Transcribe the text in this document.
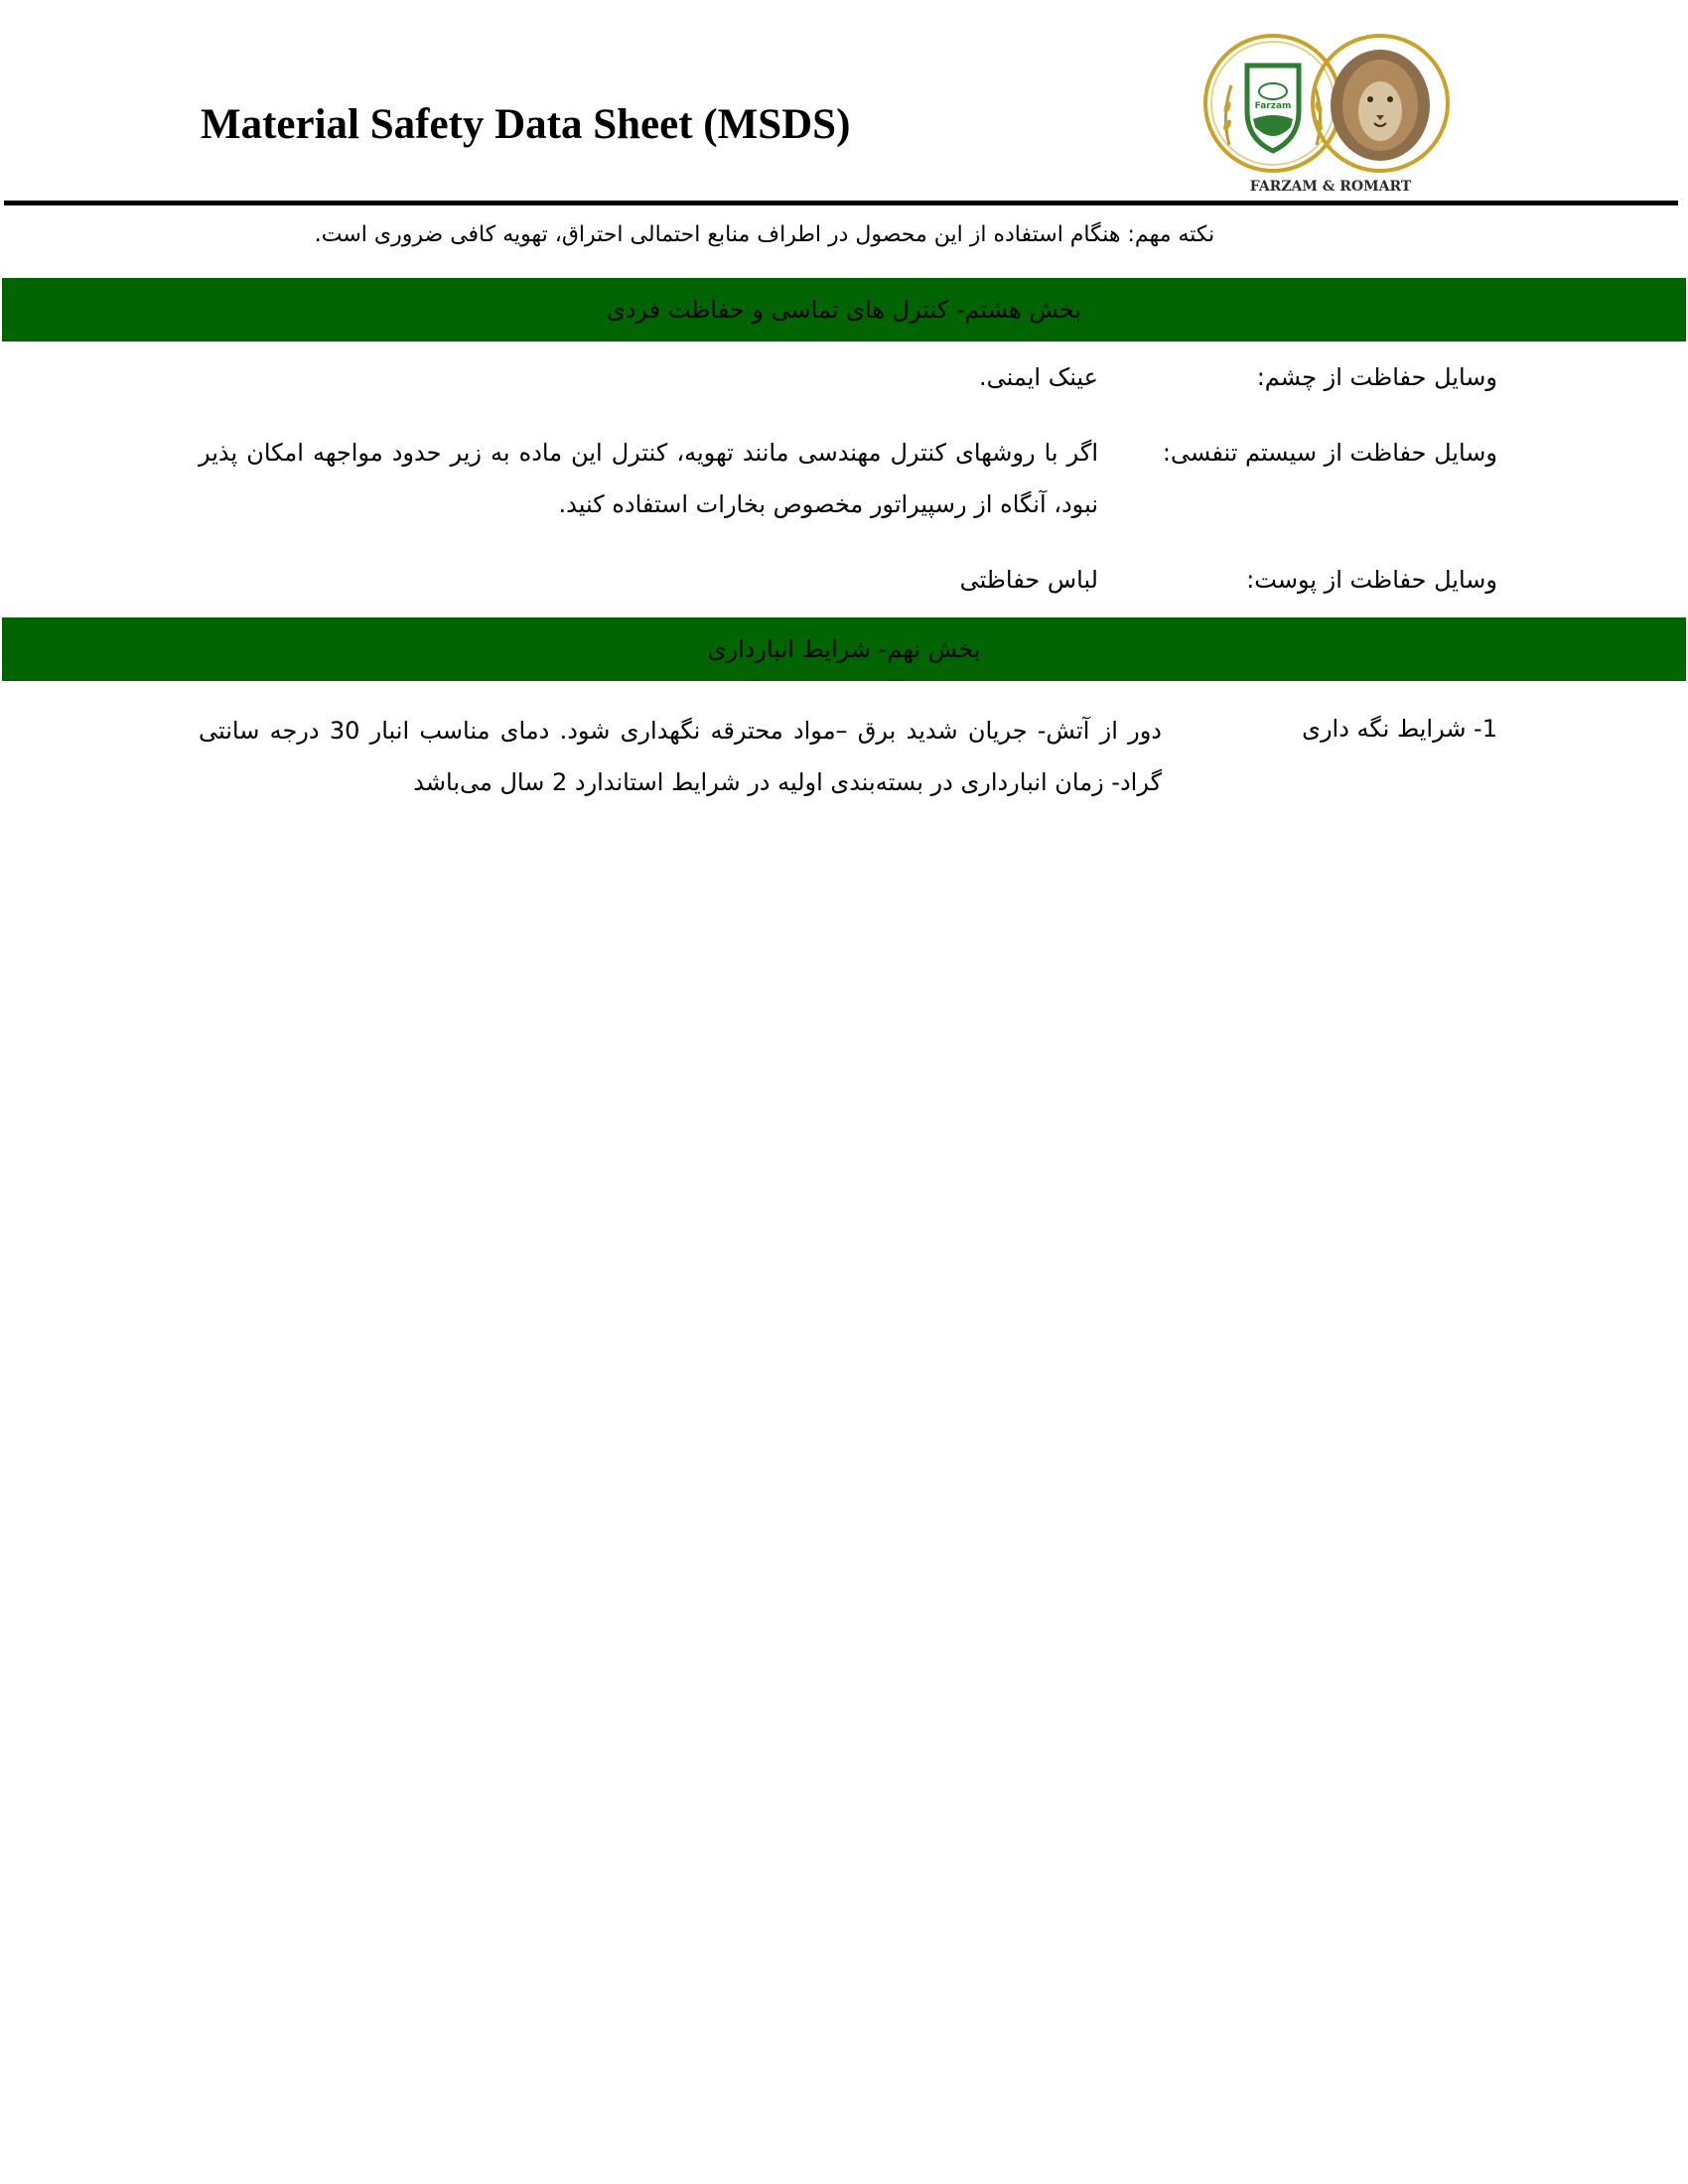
Material Safety Data Sheet (MSDS)	Farzam
FARZAM & ROMART
نکته مهم: هنگام استفاده از این محصول در اطراف منابع احتمالی احتراق، تهویه کافی ضروری است.
بخش هشتم- کنترل های تماسی و حفاظت فردی
وسایل حفاظت از چشم:
عینک ایمنی.
وسایل حفاظت از سیستم تنفسی:
اگر با روشهای کنترل مهندسی مانند تهویه، کنترل این ماده به زیر حدود مواجهه امکان پذیر نبود، آنگاه از رسپیراتور مخصوص بخارات استفاده کنید.
وسایل حفاظت از پوست:
لباس حفاظتی
بخش نهم- شرایط انبارداری
1- شرایط نگه داری
دور از آتش- جریان شدید برق –مواد محترقه نگهداری شود. دمای مناسب انبار 30 درجه سانتی گراد- زمان انبارداری در بسته‌بندی اولیه در شرایط استاندارد 2 سال می‌باشد
